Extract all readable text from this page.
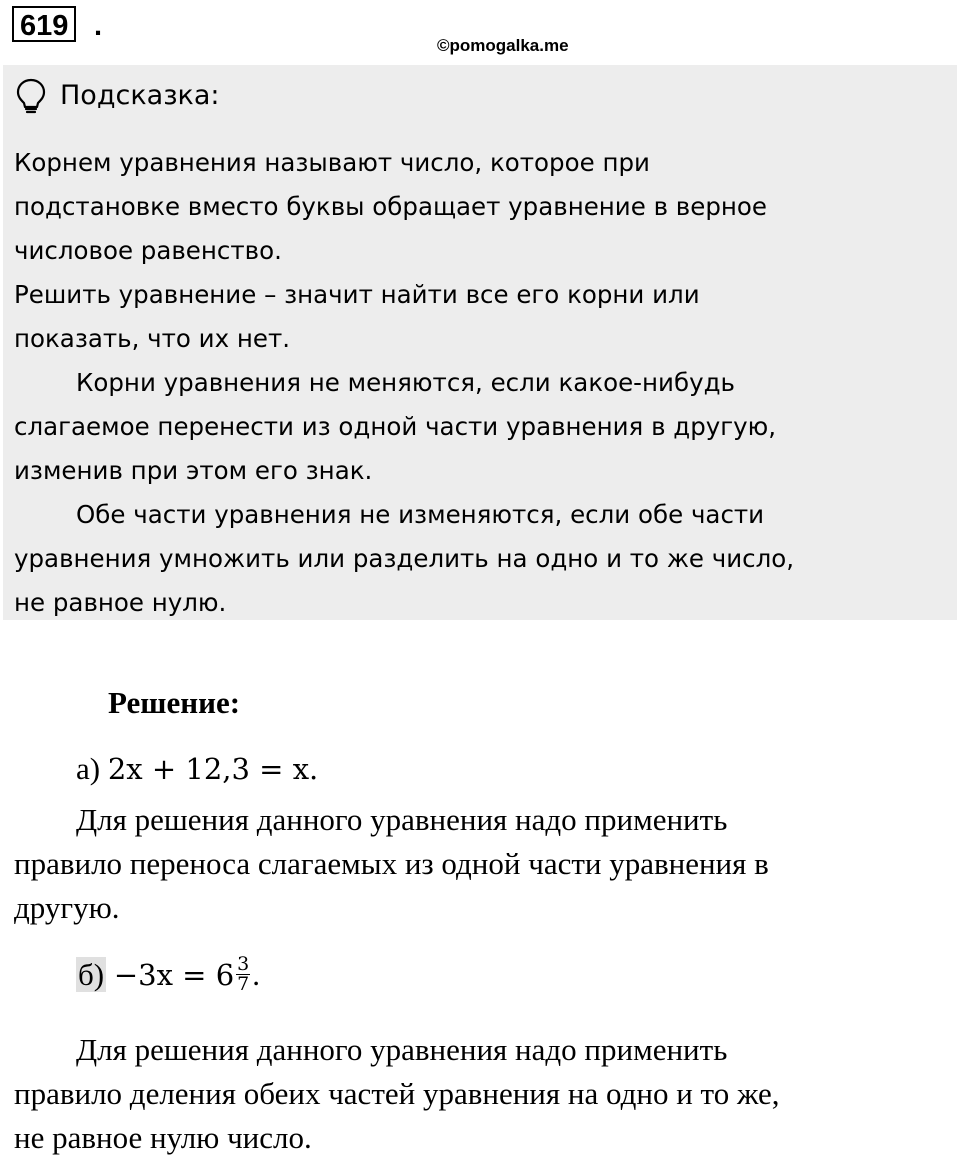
619 .
©pomogalka.me
Подсказка:

Корнем уравнения называют число, которое при

подстановке вместо буквы обращает уравнение в верное

числовое равенство.

Решить уравнение – значит найти все его корни или

показать, что их нет.

Корни уравнения не меняются, если какое-нибудь

слагаемое перенести из одной части уравнения в другую,

изменив при этом его знак.

Обе части уравнения не изменяются, если обе части

уравнения умножить или разделить на одно и то же число,

не равное нулю.

Решение:
а) 2x + 12,3 = x.

Для решения данного уравнения надо применить

правило переноса слагаемых из одной части уравнения в

другую.

$б) -3x = 6 \frac{3}{7}$ .

Для решения данного уравнения надо применить

правило деления обеих частей уравнения на одно и то же,

не равное нулю число.
